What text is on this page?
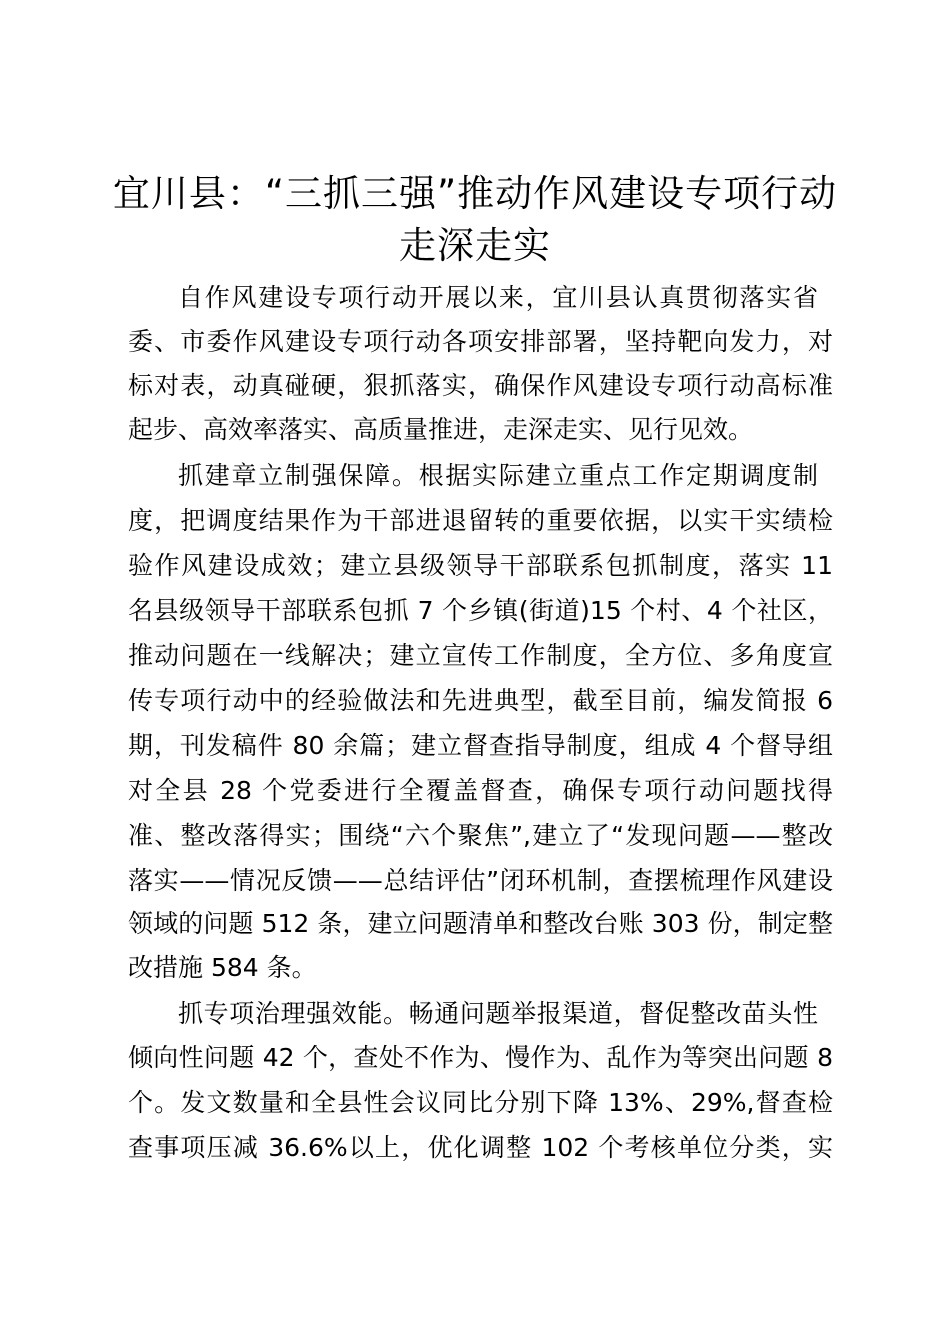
宜川县：“三抓三强”推动作风建设专项行动
走深走实

自作风建设专项行动开展以来，宜川县认真贯彻落实省

委、市委作风建设专项行动各项安排部署，坚持靶向发力，对

标对表，动真碰硬，狠抓落实，确保作风建设专项行动高标准

起步、高效率落实、高质量推进，走深走实、见行见效。

抓建章立制强保障。根据实际建立重点工作定期调度制

度，把调度结果作为干部进退留转的重要依据，以实干实绩检

验作风建设成效；建立县级领导干部联系包抓制度，落实 11

名县级领导干部联系包抓 7 个乡镇(街道)15 个村、4 个社区，

推动问题在一线解决；建立宣传工作制度，全方位、多角度宣

传专项行动中的经验做法和先进典型，截至目前，编发简报 6

期，刊发稿件 80 余篇；建立督查指导制度，组成 4 个督导组

对全县 28 个党委进行全覆盖督查，确保专项行动问题找得

准、整改落得实；围绕“六个聚焦”,建立了“发现问题——整改

落实——情况反馈——总结评估”闭环机制，查摆梳理作风建设

领域的问题 512 条，建立问题清单和整改台账 303 份，制定整

改措施 584 条。

抓专项治理强效能。畅通问题举报渠道，督促整改苗头性

倾向性问题 42 个，查处不作为、慢作为、乱作为等突出问题 8

个。发文数量和全县性会议同比分别下降 13%、29%,督查检

查事项压减 36.6%以上，优化调整 102 个考核单位分类，实
